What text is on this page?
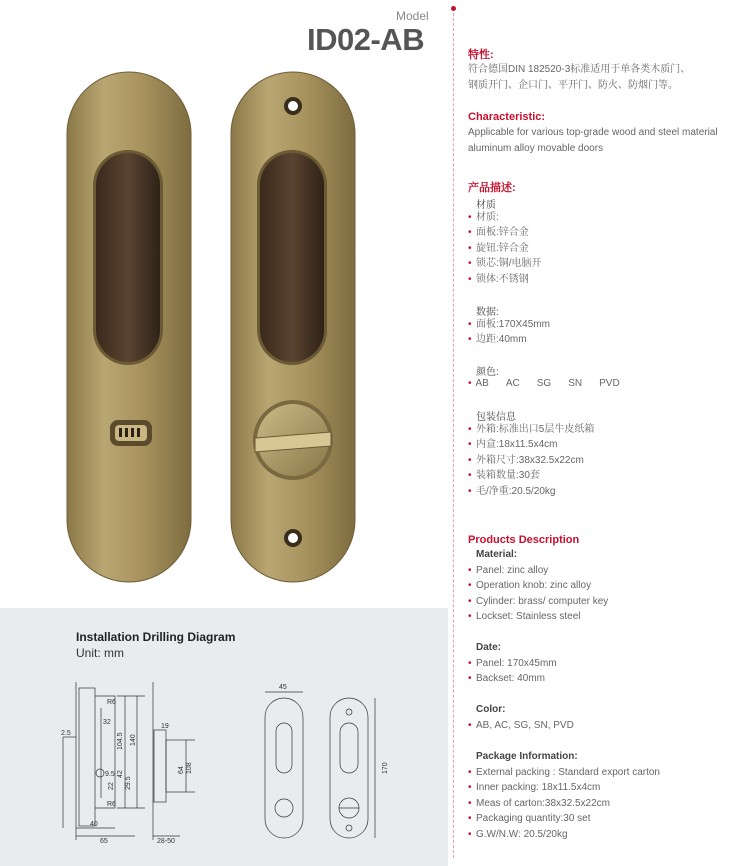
Model
ID02-AB
Installation Drilling Diagram
Unit: mm
R6
32
104.5 140
2.5
9.5
22
42
29.5
R6
40
65
19
64 108
28-50
45
170
特性:
符合德国DIN 182520-3标准适用于单各类木质门、
钢质开门、企口门、平开门、防火、防烟门等。
Characteristic:
Applicable for various top-grade wood and steel material
aluminum alloy movable doors
产品描述:
材质
• 材质:
• 面板:锌合金
• 旋钮:锌合金
• 锁芯:铜/电脑开
• 锁体:不锈钢
数据:
• 面板:170X45mm
• 边距:40mm
颜色:
• AB AC SG SN PVD
包装信息
• 外箱:标准出口5层牛皮纸箱
• 内盒:18x11.5x4cm
• 外箱尺寸:38x32.5x22cm
• 装箱数量:30套
• 毛/净重:20.5/20kg
Products Description
Material:
• Panel: zinc alloy
• Operation knob: zinc alloy
• Cylinder: brass/ computer key
• Lockset: Stainless steel
Date:
• Panel: 170x45mm
• Backset: 40mm
Color:
• AB, AC, SG, SN, PVD
Package Information:
• External packing : Standard export carton
• Inner packing: 18x11.5x4cm
• Meas of carton:38x32.5x22cm
• Packaging quantity:30 set
• G.W/N.W: 20.5/20kg
